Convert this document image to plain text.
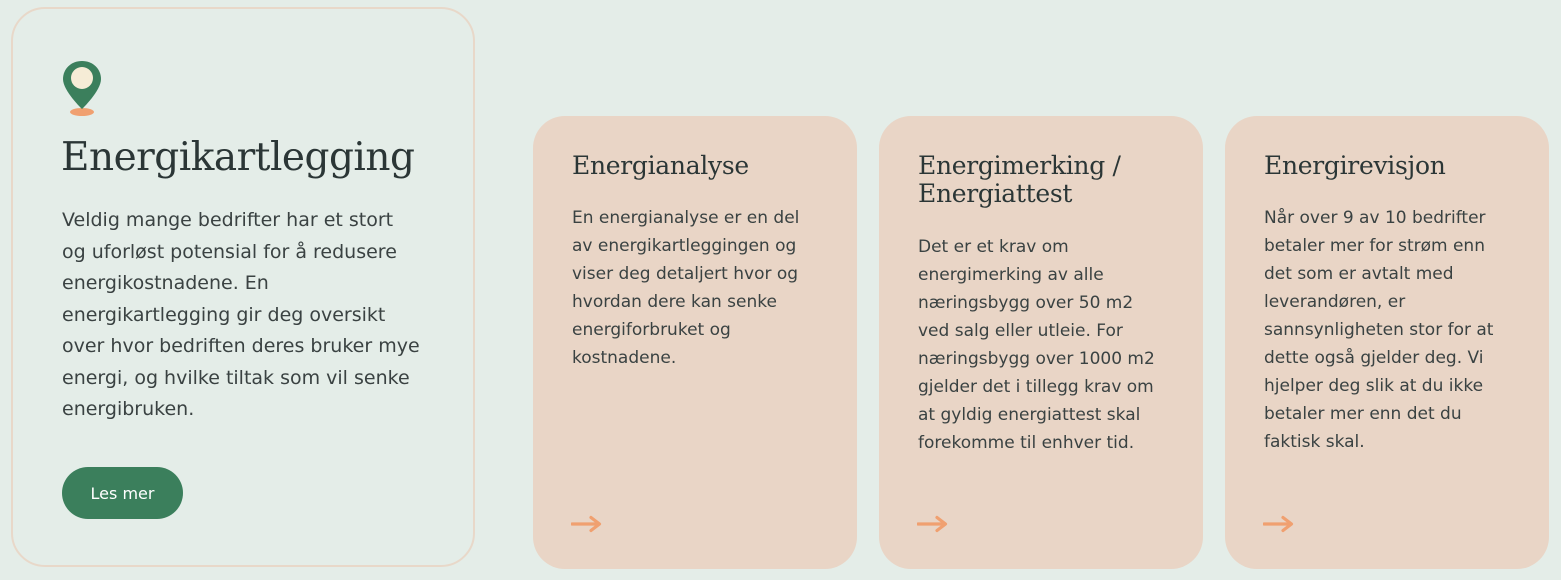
Energikartlegging

Veldig mange bedrifter har et stort og uforløst potensial for å redusere energikostnadene. En energikartlegging gir deg oversikt over hvor bedriften deres bruker mye energi, og hvilke tiltak som vil senke energibruken.

Les mer
Energianalyse

En energianalyse er en del av energikartleggingen og viser deg detaljert hvor og hvordan dere kan senke energiforbruket og kostnadene.

Energimerking / Energiattest

Det er et krav om energimerking av alle næringsbygg over 50 m2 ved salg eller utleie. For næringsbygg over 1000 m2 gjelder det i tillegg krav om at gyldig energiattest skal forekomme til enhver tid.

Energirevisjon

Når over 9 av 10 bedrifter betaler mer for strøm enn det som er avtalt med leverandøren, er sannsynligheten stor for at dette også gjelder deg. Vi hjelper deg slik at du ikke betaler mer enn det du faktisk skal.
